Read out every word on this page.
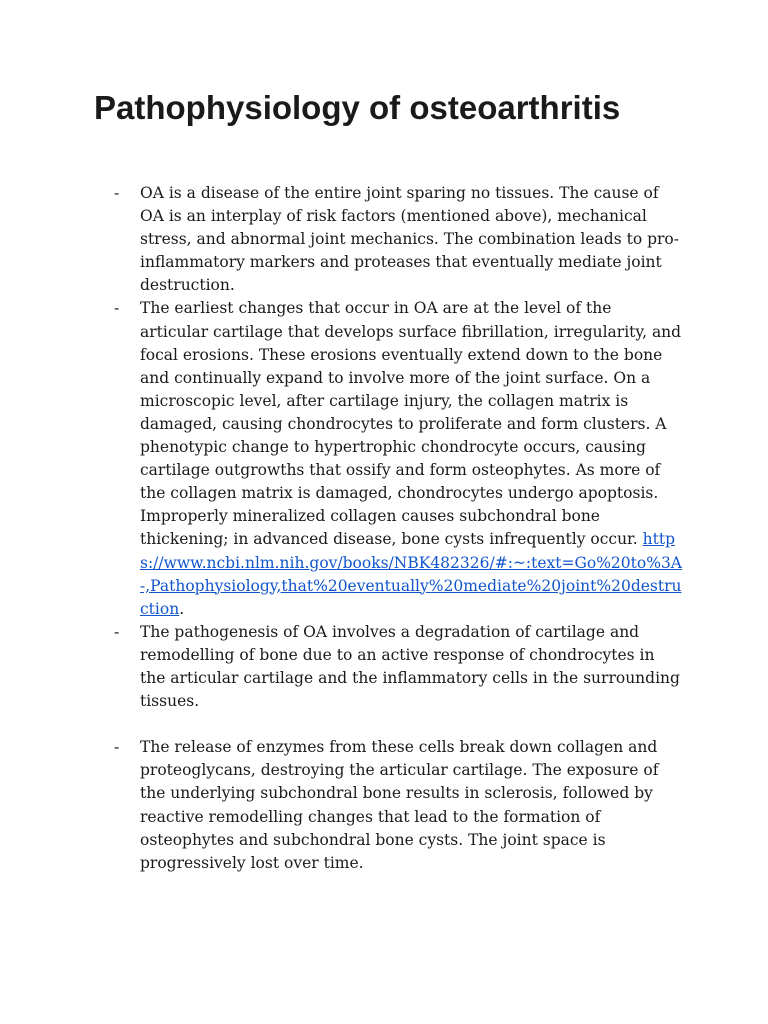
Pathophysiology of osteoarthritis
- OA is a disease of the entire joint sparing no tissues. The cause of OA is an interplay of risk factors (mentioned above), mechanical stress, and abnormal joint mechanics. The combination leads to pro-inflammatory markers and proteases that eventually mediate joint destruction.
- The earliest changes that occur in OA are at the level of the articular cartilage that develops surface fibrillation, irregularity, and focal erosions. These erosions eventually extend down to the bone and continually expand to involve more of the joint surface. On a microscopic level, after cartilage injury, the collagen matrix is damaged, causing chondrocytes to proliferate and form clusters. A phenotypic change to hypertrophic chondrocyte occurs, causing cartilage outgrowths that ossify and form osteophytes. As more of the collagen matrix is damaged, chondrocytes undergo apoptosis. Improperly mineralized collagen causes subchondral bone thickening; in advanced disease, bone cysts infrequently occur. https://www.ncbi.nlm.nih.gov/books/NBK482326/#:~:text=Go%20to%3A-,Pathophysiology,that%20eventually%20mediate%20joint%20destruction.
- The pathogenesis of OA involves a degradation of cartilage and remodelling of bone due to an active response of chondrocytes in the articular cartilage and the inflammatory cells in the surrounding tissues.
- The release of enzymes from these cells break down collagen and proteoglycans, destroying the articular cartilage. The exposure of the underlying subchondral bone results in sclerosis, followed by reactive remodelling changes that lead to the formation of osteophytes and subchondral bone cysts. The joint space is progressively lost over time.
